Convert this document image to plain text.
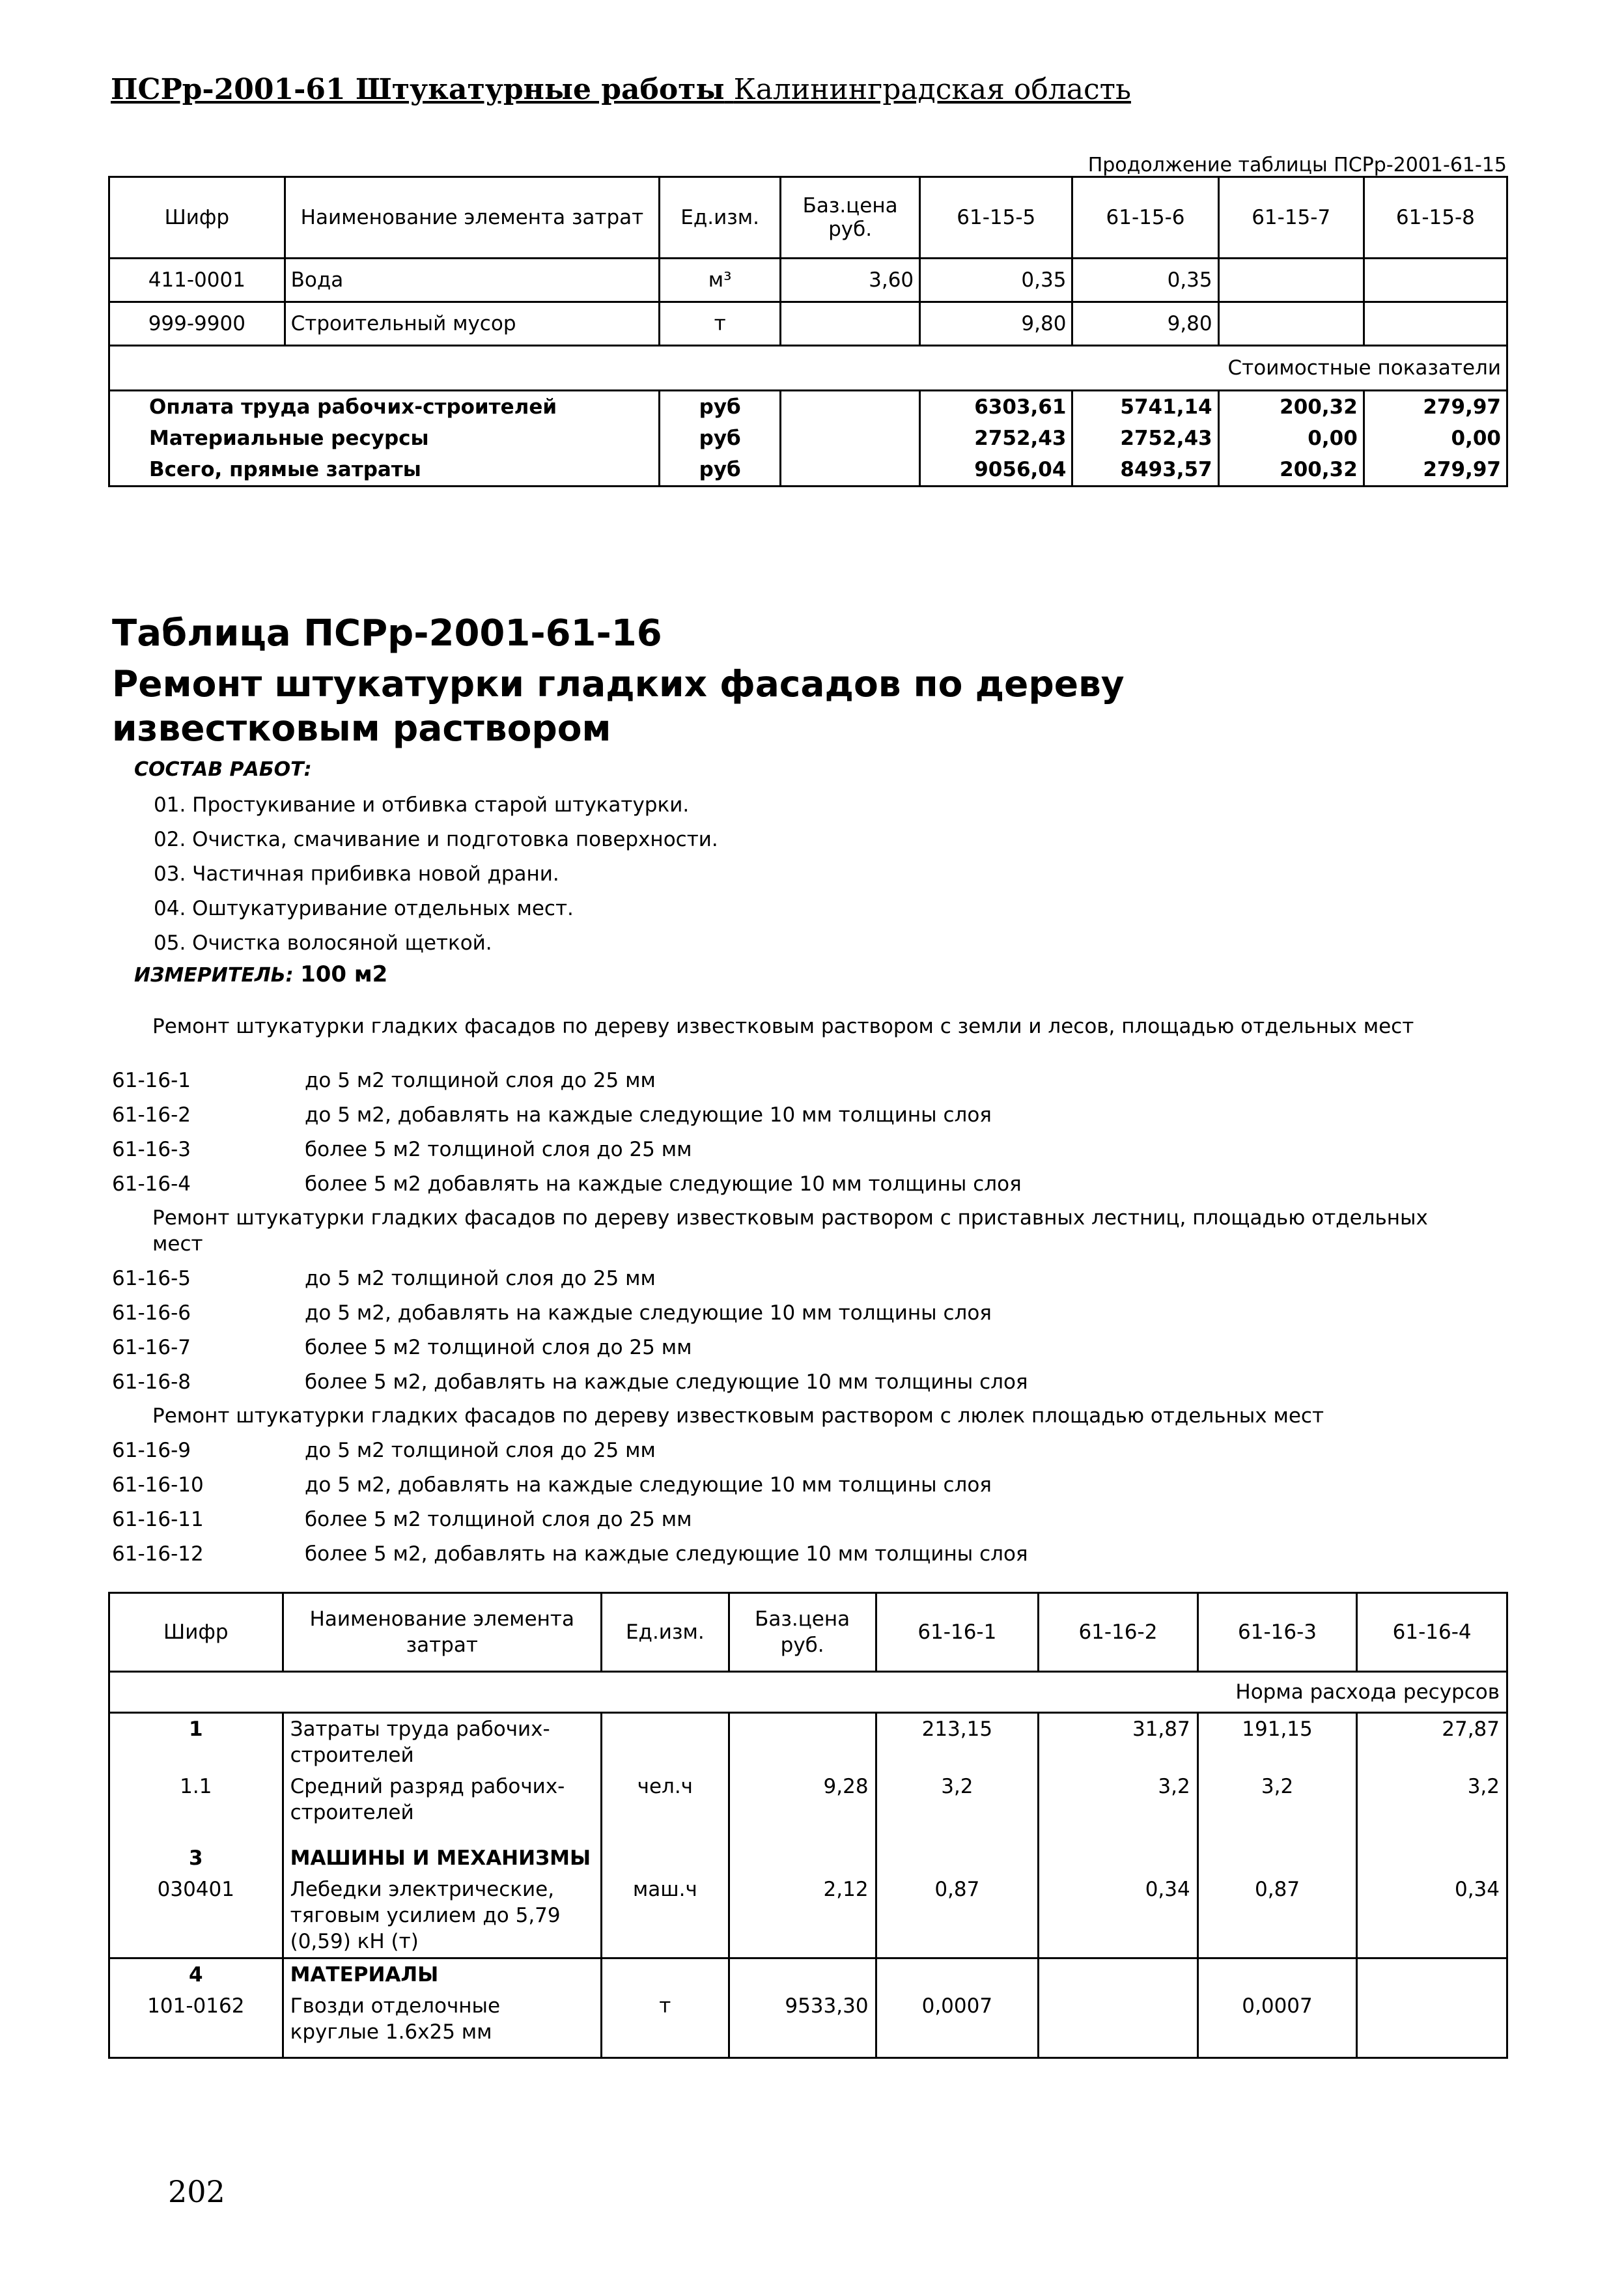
ПСРр-2001-61 Штукатурные работы Калининградская область
Продолжение таблицы ПСРр-2001-61-15
Шифр	Наименование элемента затрат	Ед.изм.	Баз.цена руб.	61-15-5	61-15-6	61-15-7	61-15-8
411-0001	Вода	м³	3,60	0,35	0,35		
999-9900	Строительный мусор	т		9,80	9,80		
Стоимостные показатели							
Оплата труда рабочих-строителей		руб		6303,61	5741,14	200,32	279,97
Материальные ресурсы		руб		2752,43	2752,43	0,00	0,00
Всего, прямые затраты		руб		9056,04	8493,57	200,32	279,97
Таблица ПСРр-2001-61-16
Ремонт штукатурки гладких фасадов по дереву известковым раствором
СОСТАВ РАБОТ:
01. Простукивание и отбивка старой штукатурки.
02. Очистка, смачивание и подготовка поверхности.
03. Частичная прибивка новой драни.
04. Оштукатуривание отдельных мест.
05. Очистка волосяной щеткой.
ИЗМЕРИТЕЛЬ: 100 м2
Ремонт штукатурки гладких фасадов по дереву известковым раствором с земли и лесов, площадью отдельных мест
61-16-1	до 5 м2 толщиной слоя до 25 мм
61-16-2	до 5 м2, добавлять на каждые следующие 10 мм толщины слоя
61-16-3	более 5 м2 толщиной слоя до 25 мм
61-16-4	более 5 м2 добавлять на каждые следующие 10 мм толщины слоя
Ремонт штукатурки гладких фасадов по дереву известковым раствором с приставных лестниц, площадью отдельных мест
61-16-5	до 5 м2 толщиной слоя до 25 мм
61-16-6	до 5 м2, добавлять на каждые следующие 10 мм толщины слоя
61-16-7	более 5 м2 толщиной слоя до 25 мм
61-16-8	более 5 м2, добавлять на каждые следующие 10 мм толщины слоя
Ремонт штукатурки гладких фасадов по дереву известковым раствором с люлек площадью отдельных мест
61-16-9	до 5 м2 толщиной слоя до 25 мм
61-16-10	до 5 м2, добавлять на каждые следующие 10 мм толщины слоя
61-16-11	более 5 м2 толщиной слоя до 25 мм
61-16-12	более 5 м2, добавлять на каждые следующие 10 мм толщины слоя
Шифр	Наименование элемента затрат	Ед.изм.	Баз.цена руб.	61-16-1	61-16-2	61-16-3	61-16-4
Норма расхода ресурсов							
1	Затраты труда рабочих-строителей			213,15	31,87	191,15	27,87
1.1	Средний разряд рабочих-строителей	чел.ч	9,28	3,2	3,2	3,2	3,2
3	МАШИНЫ И МЕХАНИЗМЫ						
030401	Лебедки электрические, тяговым усилием до 5,79 (0,59) кН (т)	маш.ч	2,12	0,87	0,34	0,87	0,34
4	МАТЕРИАЛЫ						
101-0162	Гвозди отделочные круглые 1.6х25 мм	т	9533,30	0,0007		0,0007	
202
